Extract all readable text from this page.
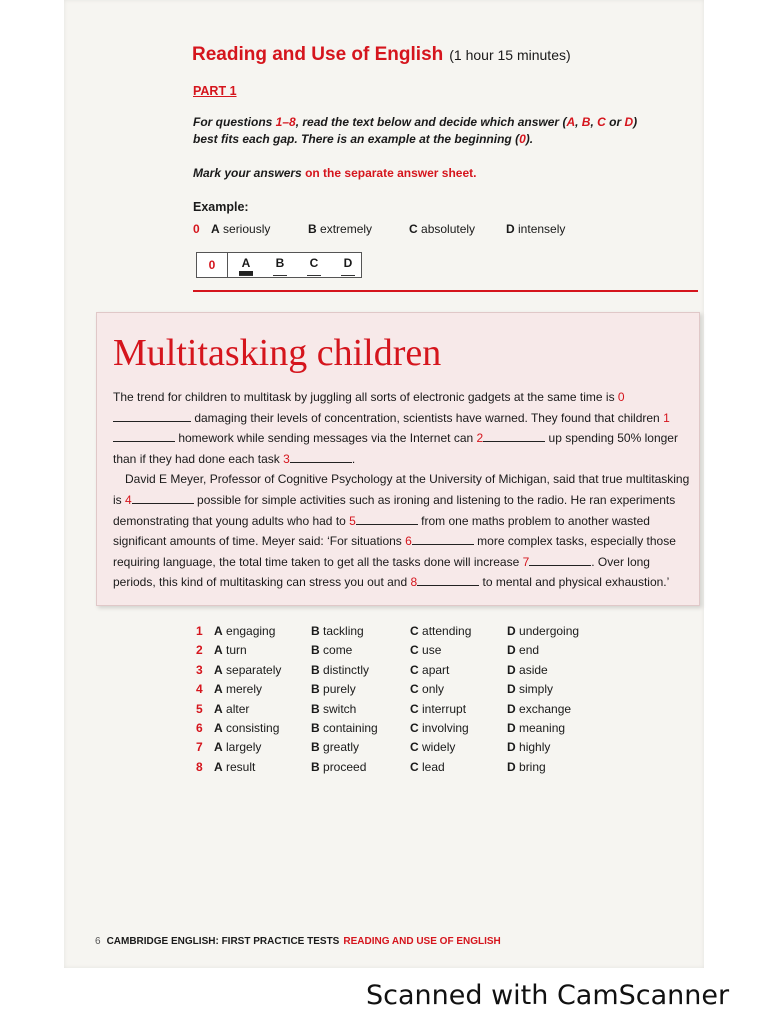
Reading and Use of English (1 hour 15 minutes)
PART 1
For questions 1–8, read the text below and decide which answer (A, B, C or D) best fits each gap. There is an example at the beginning (0).
Mark your answers on the separate answer sheet.
Example:
0 A seriously	B extremely	C absolutely	D intensely
0	A B C D
Multitasking children
The trend for children to multitask by juggling all sorts of electronic gadgets at the same time is 0 damaging their levels of concentration, scientists have warned. They found that children 1 homework while sending messages via the Internet can 2	up spending 50% longer than if they had done each task 3	.
David E Meyer, Professor of Cognitive Psychology at the University of Michigan, said that true multitasking is 4	possible for simple activities such as ironing and listening to the radio. He ran experiments demonstrating that young adults who had to 5	from one maths problem to another wasted significant amounts of time. Meyer said: ‘For situations 6	more complex tasks, especially those requiring language, the total time taken to get all the tasks done will increase 7	. Over long periods, this kind of multitasking can stress you out and 8	to mental and physical exhaustion.’
1 A engaging	B tackling	C attending	D undergoing
2 A turn	B come	C use	D end
3 A separately B distinctly	C apart	D aside
4 A merely	B purely	C only	D simply
5 A alter	B switch	C interrupt	D exchange
6 A consisting	B containing	C involving	D meaning
7 A largely	B greatly	C widely	D highly
8 A result	B proceed	C lead	D bring
6 CAMBRIDGE ENGLISH: FIRST PRACTICE TESTS READING AND USE OF ENGLISH
Scanned with CamScanner
